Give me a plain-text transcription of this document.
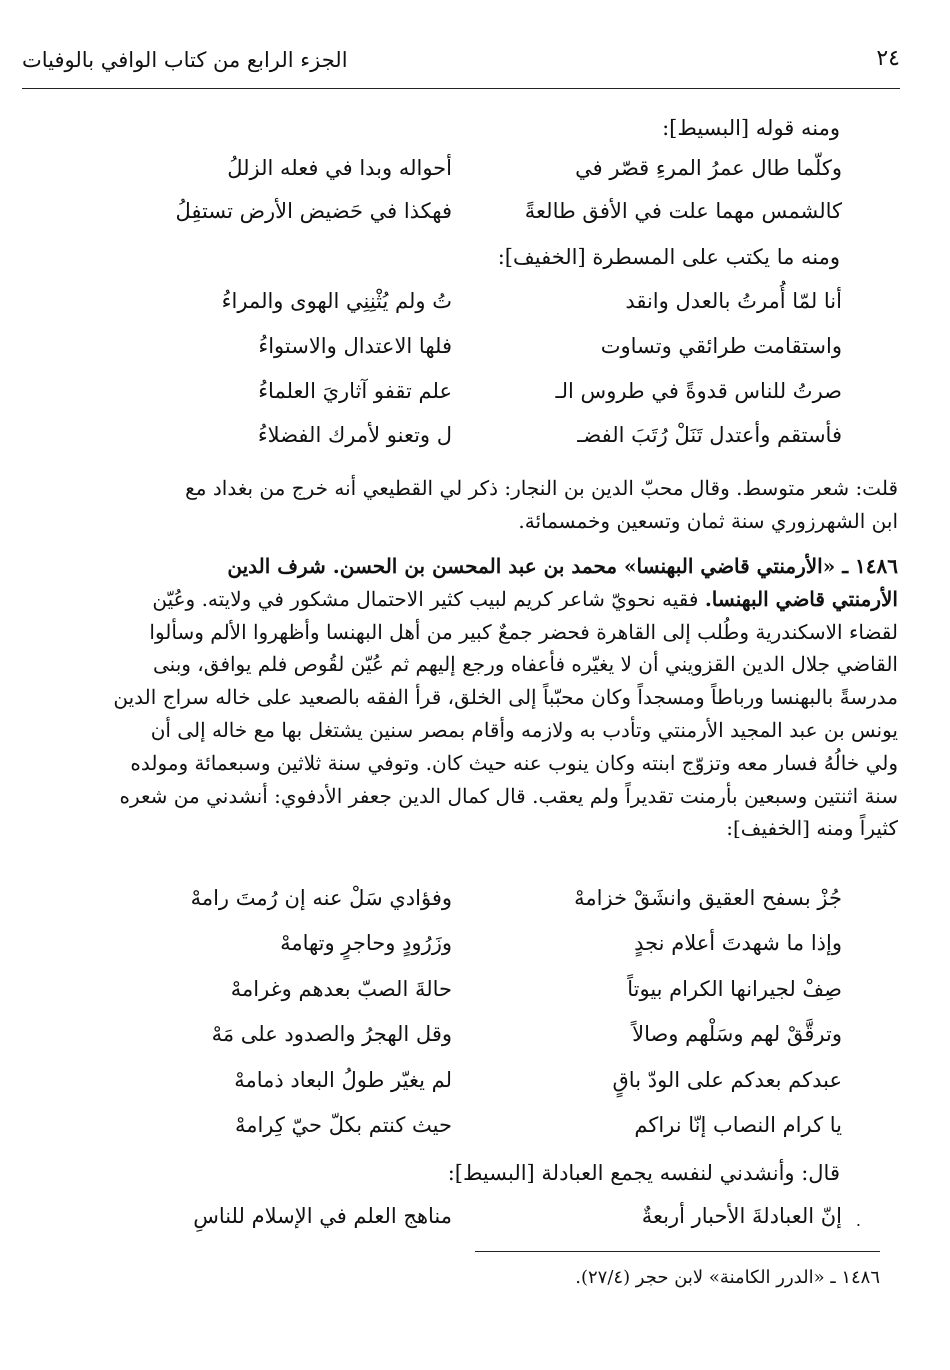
٢٤
الجزء الرابع من كتاب الوافي بالوفيات
ومنه قوله [البسيط]:
وكلّما طال عمرُ المرءِ قصّر في
أحواله وبدا في فعله الزللُ
كالشمس مهما علت في الأفق طالعةً
فهكذا في حَضيض الأرض تستفِلُ
ومنه ما يكتب على المسطرة [الخفيف]:
أنا لمّا أُمرتُ بالعدل وانقد
تُ ولم يُثْنِنِي الهوى والمراءُ
واستقامت طرائقي وتساوت
فلها الاعتدال والاستواءُ
صرتُ للناس قدوةً في طروس الـ
علم تقفو آثاريَ العلماءُ
فأستقم وأعتدل تَنَلْ رُتَبَ الفضـ
ل وتعنو لأمرك الفضلاءُ
قلت: شعر متوسط. وقال محبّ الدين بن النجار: ذكر لي القطيعي أنه خرج من بغداد مع
ابن الشهرزوري سنة ثمان وتسعين وخمسمائة.
١٤٨٦ ـ «الأرمنتي قاضي البهنسا» محمد بن عبد المحسن بن الحسن. شرف الدين
الأرمنتي قاضي البهنسا. فقيه نحويّ شاعر كريم لبيب كثير الاحتمال مشكور في ولايته. وعُيّن
لقضاء الاسكندرية وطُلب إلى القاهرة فحضر جمعٌ كبير من أهل البهنسا وأظهروا الألم وسألوا
القاضي جلال الدين القزويني أن لا يغيّره فأعفاه ورجع إليهم ثم عُيّن لقُوص فلم يوافق، وبنى
مدرسةً بالبهنسا ورباطاً ومسجداً وكان محبّباً إلى الخلق، قرأ الفقه بالصعيد على خاله سراج الدين
يونس بن عبد المجيد الأرمنتي وتأدب به ولازمه وأقام بمصر سنين يشتغل بها مع خاله إلى أن
ولي خالُهُ فسار معه وتزوّج ابنته وكان ينوب عنه حيث كان. وتوفي سنة ثلاثين وسبعمائة ومولده
سنة اثنتين وسبعين بأرمنت تقديراً ولم يعقب. قال كمال الدين جعفر الأدفوي: أنشدني من شعره
كثيراً ومنه [الخفيف]:
جُزْ بسفح العقيق وانشَقْ خزامهْ
وفؤادي سَلْ عنه إن رُمتَ رامهْ
وإذا ما شهدتَ أعلام نجدٍ
وزَرُودٍ وحاجرٍ وتهامهْ
صِفْ لجيرانها الكرام بيوتاً
حالةَ الصبّ بعدهم وغرامهْ
وترقَّقْ لهم وسَلْهم وصالاً
وقل الهجرُ والصدود على مَهْ
عبدكم بعدكم على الودّ باقٍ
لم يغيّر طولُ البعاد ذمامهْ
يا كرام النصاب إنّا نراكم
حيث كنتم بكلّ حيّ كِرامهْ
قال: وأنشدني لنفسه يجمع العبادلة [البسيط]:
.
إنّ العبادلةَ الأحبار أربعةٌ
مناهج العلم في الإسلام للناسِ
١٤٨٦ ـ «الدرر الكامنة» لابن حجر (٢٧/٤).
